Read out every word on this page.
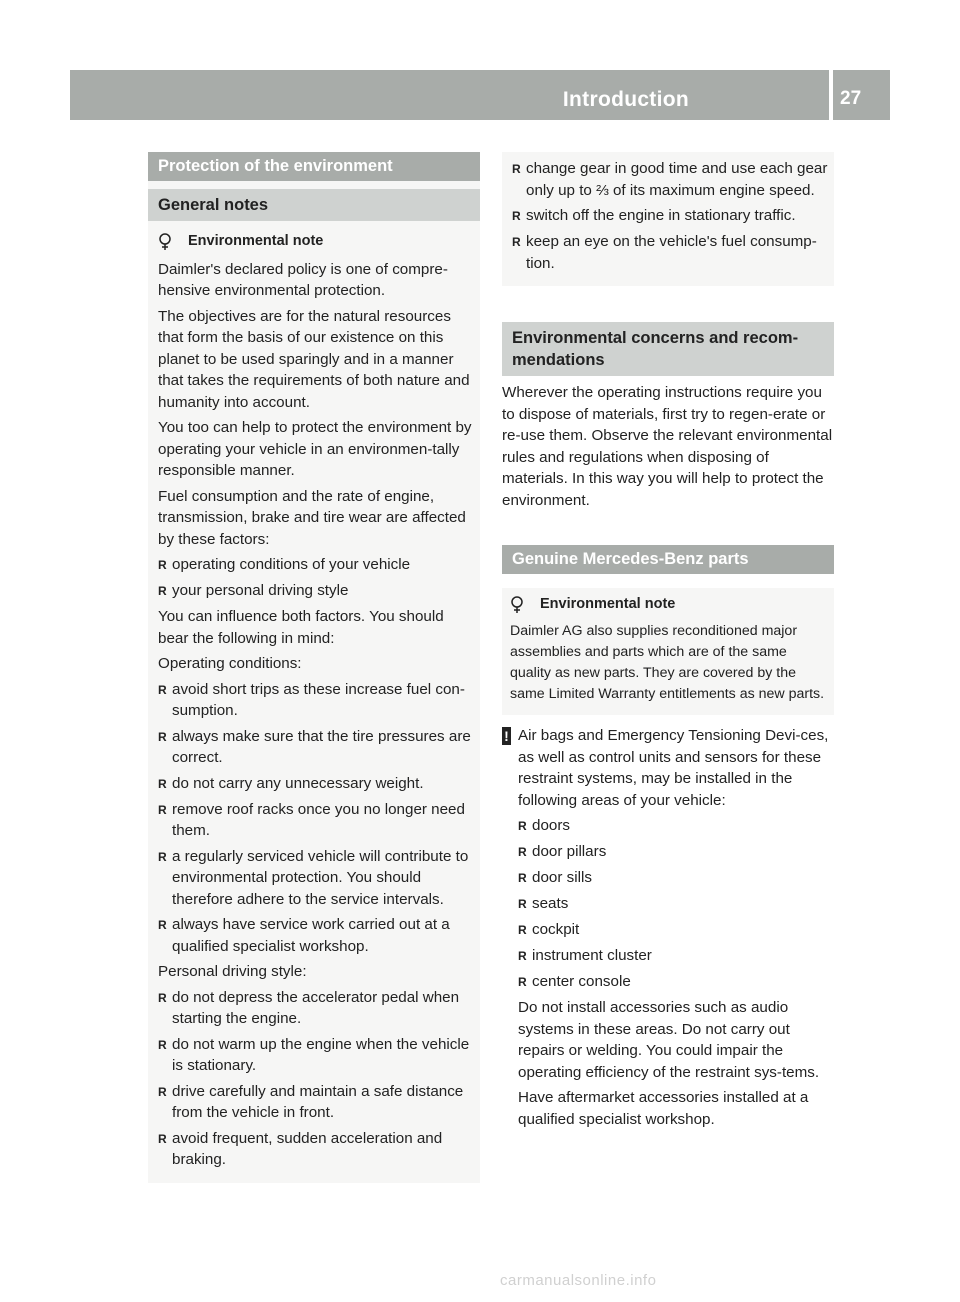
Introduction	27
Protection of the environment
General notes
Environmental note

Daimler's declared policy is one of compre-hensive environmental protection.

The objectives are for the natural resources that form the basis of our existence on this planet to be used sparingly and in a manner that takes the requirements of both nature and humanity into account.

You too can help to protect the environment by operating your vehicle in an environmen-tally responsible manner.

Fuel consumption and the rate of engine, transmission, brake and tire wear are affected by these factors:

R operating conditions of your vehicle
R your personal driving style

You can influence both factors. You should bear the following in mind:

Operating conditions:

R avoid short trips as these increase fuel con-sumption.
R always make sure that the tire pressures are correct.
R do not carry any unnecessary weight.
R remove roof racks once you no longer need them.
R a regularly serviced vehicle will contribute to environmental protection. You should therefore adhere to the service intervals.
R always have service work carried out at a qualified specialist workshop.

Personal driving style:

R do not depress the accelerator pedal when starting the engine.
R do not warm up the engine when the vehicle is stationary.
R drive carefully and maintain a safe distance from the vehicle in front.
R avoid frequent, sudden acceleration and braking.
R change gear in good time and use each gear only up to ⅔ of its maximum engine speed.
R switch off the engine in stationary traffic.
R keep an eye on the vehicle's fuel consump-tion.
Environmental concerns and recom-mendations

Wherever the operating instructions require you to dispose of materials, first try to regen-erate or re-use them. Observe the relevant environmental rules and regulations when disposing of materials. In this way you will help to protect the environment.

Genuine Mercedes-Benz parts
Environmental note

Daimler AG also supplies reconditioned major assemblies and parts which are of the same quality as new parts. They are covered by the same Limited Warranty entitlements as new parts.

! Air bags and Emergency Tensioning Devi-ces, as well as control units and sensors for these restraint systems, may be installed in the following areas of your vehicle:

R doors
R door pillars
R door sills
R seats
R cockpit
R instrument cluster
R center console

Do not install accessories such as audio systems in these areas. Do not carry out repairs or welding. You could impair the operating efficiency of the restraint sys-tems.

Have aftermarket accessories installed at a qualified specialist workshop.

carmanualsonline.info
